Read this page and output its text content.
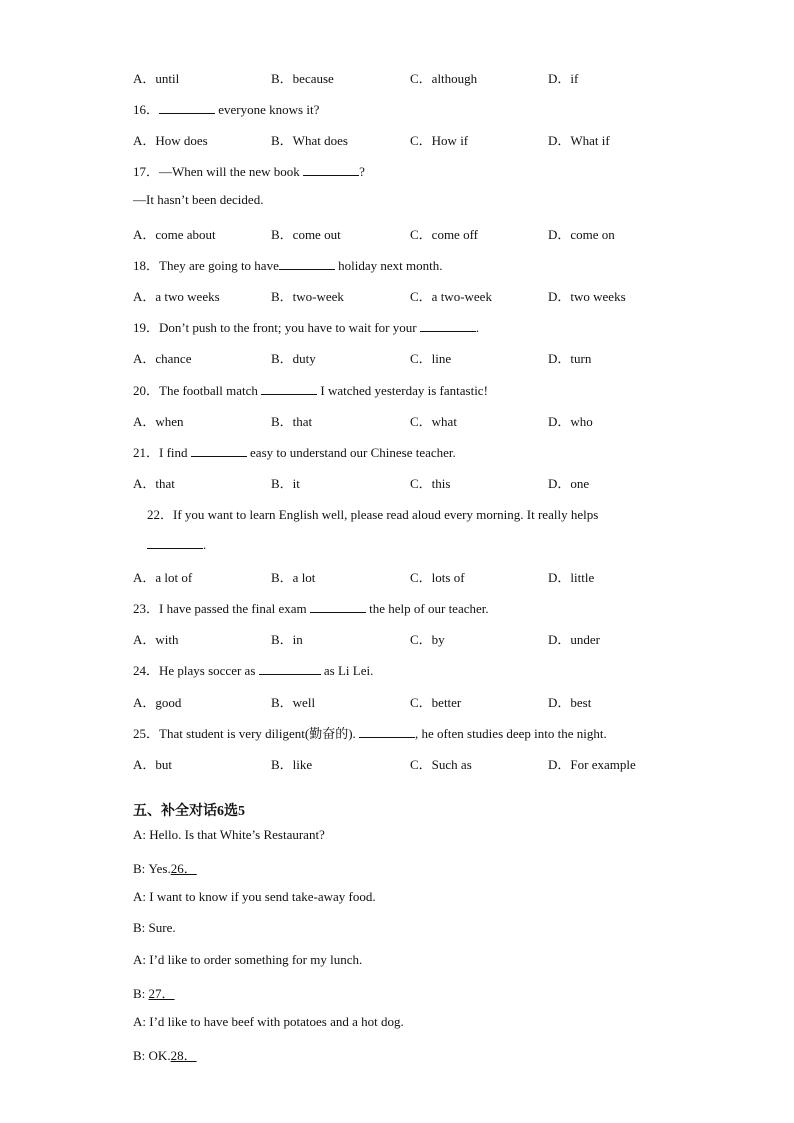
A．until	B．because	C．although	D．if
16．	everyone knows it?
A．How does	B．What does	C．How if	D．What if
17．—When will the new book	?
—It hasn’t been decided.
A．come about	B．come out	C．come off	D．come on
18．They are going to have	holiday next month.
A．a two weeks	B．two-week	C．a two-week	D．two weeks
19．Don’t push to the front; you have to wait for your	.
A．chance	B．duty	C．line	D．turn
20．The football match	I watched yesterday is fantastic!
A．when	B．that	C．what	D．who
21．I find	easy to understand our Chinese teacher.
A．that	B．it	C．this	D．one
22．If you want to learn English well, please read aloud every morning. It really helps
.
A．a lot of	B．a lot	C．lots of	D．little
23．I have passed the final exam	the help of our teacher.
A．with	B．in	C．by	D．under
24．He plays soccer as	as Li Lei.
A．good	B．well	C．better	D．best
25．That student is very diligent(勤奋的).	, he often studies deep into the night.
A．but	B．like	C．Such as	D．For example
五、补全对话6选5
A: Hello. Is that White’s Restaurant?
B: Yes.26．
A: I want to know if you send take-away food.
B: Sure.
A: I’d like to order something for my lunch.
B: 27．
A: I’d like to have beef with potatoes and a hot dog.
B: OK.28．
